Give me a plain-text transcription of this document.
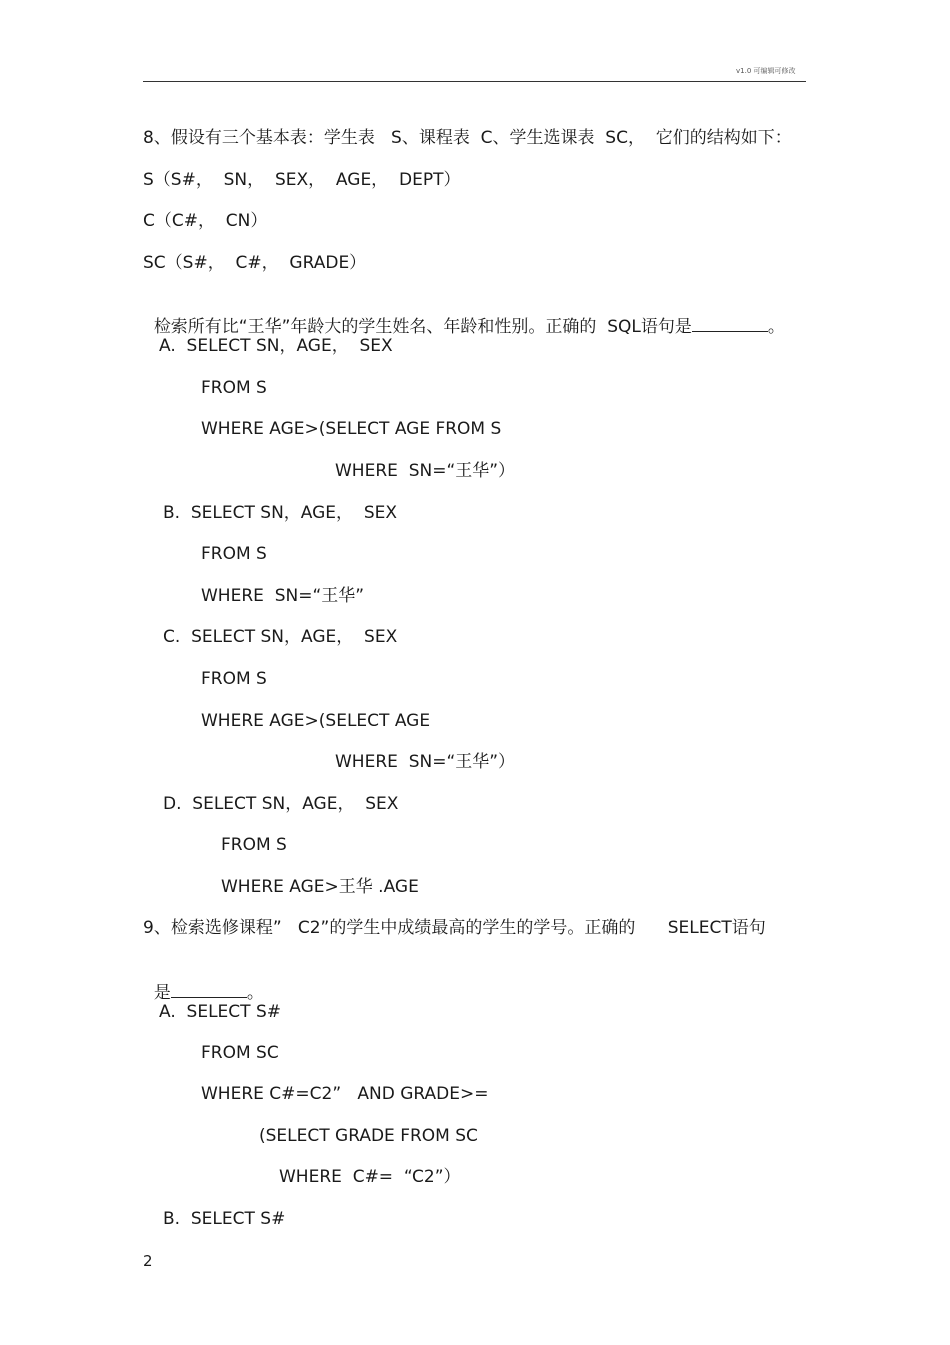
v1.0 可编辑可修改
8、假设有三个基本表：学生表   S、课程表  C、学生选课表  SC，  它们的结构如下：
S（S#，  SN，  SEX，  AGE，  DEPT）
C（C#，  CN）
SC（S#，  C#，  GRADE）

检索所有比“王华”年龄大的学生姓名、年龄和性别。正确的  SQL语句是	。

A.  SELECT SN，AGE，  SEX
FROM S
WHERE AGE>(SELECT AGE FROM S
WHERE  SN=“王华”）
B.  SELECT SN，AGE，  SEX
FROM S
WHERE  SN=“王华”
C.  SELECT SN，AGE，  SEX
FROM S
WHERE AGE>(SELECT AGE
WHERE  SN=“王华”）
D.  SELECT SN，AGE，  SEX
FROM S
WHERE AGE>王华 .AGE
9、检索选修课程”   C2”的学生中成绩最高的学生的学号。正确的      SELECT语句

是	。

A.  SELECT S#
FROM SC
WHERE C#=C2”   AND GRADE>=
(SELECT GRADE FROM SC
WHERE  C#=  “C2”）
B.  SELECT S#
2
